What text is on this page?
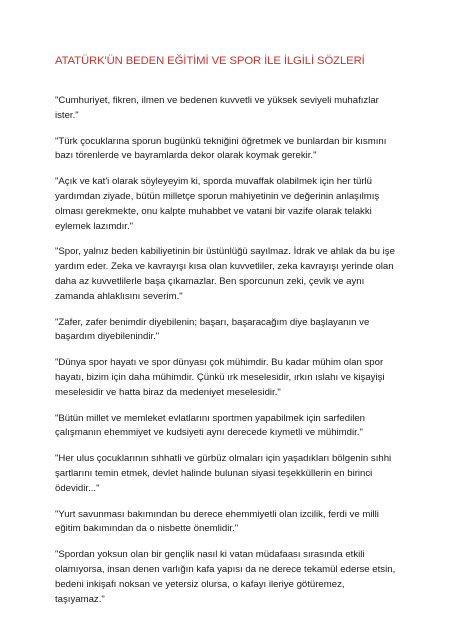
ATATÜRK'ÜN BEDEN EĞİTİMİ VE SPOR İLE İLGİLİ SÖZLERİ

"Cumhuriyet, fikren, ilmen ve bedenen kuvvetli ve yüksek seviyeli muhafızlar
ister."

"Türk çocuklarına sporun bugünkü tekniğini öğretmek ve bunlardan bir kısmını
bazı törenlerde ve bayramlarda dekor olarak koymak gerekir."

"Açık ve kat'i olarak söyleyeyim ki, sporda muvaffak olabilmek için her türlü
yardımdan ziyade, bütün milletçe sporun mahiyetinin ve değerinin anlaşılmış
olması gerekmekte, onu kalpte muhabbet ve vatani bir vazife olarak telakki
eylemek lazımdır."

"Spor, yalnız beden kabiliyetinin bir üstünlüğü sayılmaz. İdrak ve ahlak da bu işe
yardım eder. Zeka ve kavrayışı kısa olan kuvvetliler, zeka kavrayışı yerinde olan
daha az kuvvetlilerle başa çıkamazlar. Ben sporcunun zeki, çevik ve aynı
zamanda ahlaklısını severim."

"Zafer, zafer benimdir diyebilenin; başarı, başaracağım diye başlayanın ve
başardım diyebilenindir."

"Dünya spor hayatı ve spor dünyası çok mühimdir. Bu kadar mühim olan spor
hayatı, bizim için daha mühimdir. Çünkü ırk meselesidir, ırkın ıslahı ve kişayişi
meselesidir ve hatta biraz da medeniyet meselesidir."

"Bütün millet ve memleket evlatlarını sportmen yapabilmek için sarfedilen
çalışmanın ehemmiyet ve kudsiyeti aynı derecede kıymetli ve mühimdir."

"Her ulus çocuklarının sıhhatli ve gürbüz olmaları için yaşadıkları bölgenin sıhhi
şartlarını temin etmek, devlet halinde bulunan siyasi teşekküllerin en birinci
ödevidir..."

"Yurt savunması bakımından bu derece ehemmiyetli olan izcilik, ferdi ve milli
eğitim bakımından da o nisbette önemlidir."

"Spordan yoksun olan bir gençlik nasıl ki vatan müdafaası sırasında etkili
olamıyorsa, insan denen varlığın kafa yapısı da ne derece tekamül ederse etsin,
bedeni inkişafı noksan ve yetersiz olursa, o kafayı ileriye götüremez,
taşıyamaz."
